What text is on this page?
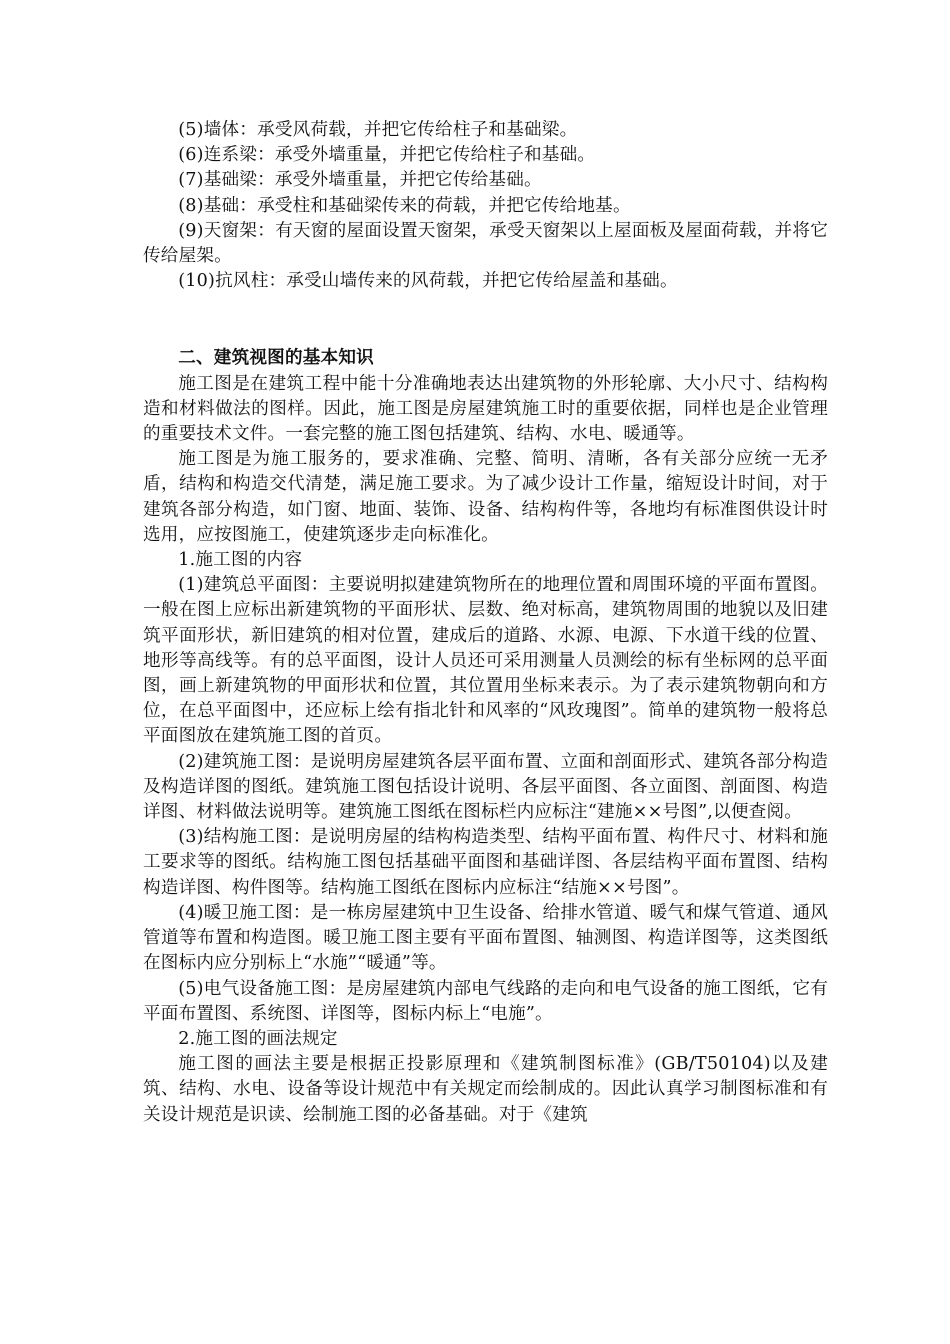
(5)墙体：承受风荷载，并把它传给柱子和基础梁。

(6)连系梁：承受外墙重量，并把它传给柱子和基础。

(7)基础梁：承受外墙重量，并把它传给基础。

(8)基础：承受柱和基础梁传来的荷载，并把它传给地基。

(9)天窗架：有天窗的屋面设置天窗架，承受天窗架以上屋面板及屋面荷载，并将它传给屋架。

(10)抗风柱：承受山墙传来的风荷载，并把它传给屋盖和基础。

二、建筑视图的基本知识

施工图是在建筑工程中能十分准确地表达出建筑物的外形轮廓、大小尺寸、结构构造和材料做法的图样。因此，施工图是房屋建筑施工时的重要依据，同样也是企业管理的重要技术文件。一套完整的施工图包括建筑、结构、水电、暖通等。

施工图是为施工服务的，要求准确、完整、简明、清晰，各有关部分应统一无矛盾，结构和构造交代清楚，满足施工要求。为了减少设计工作量，缩短设计时间，对于建筑各部分构造，如门窗、地面、装饰、设备、结构构件等，各地均有标准图供设计时选用，应按图施工，使建筑逐步走向标准化。

1.施工图的内容

(1)建筑总平面图：主要说明拟建建筑物所在的地理位置和周围环境的平面布置图。一般在图上应标出新建筑物的平面形状、层数、绝对标高，建筑物周围的地貌以及旧建筑平面形状，新旧建筑的相对位置，建成后的道路、水源、电源、下水道干线的位置、地形等高线等。有的总平面图，设计人员还可采用测量人员测绘的标有坐标网的总平面图，画上新建筑物的甲面形状和位置，其位置用坐标来表示。为了表示建筑物朝向和方位，在总平面图中，还应标上绘有指北针和风率的“风玫瑰图”。简单的建筑物一般将总平面图放在建筑施工图的首页。

(2)建筑施工图：是说明房屋建筑各层平面布置、立面和剖面形式、建筑各部分构造及构造详图的图纸。建筑施工图包括设计说明、各层平面图、各立面图、剖面图、构造详图、材料做法说明等。建筑施工图纸在图标栏内应标注“建施××号图”,以便查阅。

(3)结构施工图：是说明房屋的结构构造类型、结构平面布置、构件尺寸、材料和施工要求等的图纸。结构施工图包括基础平面图和基础详图、各层结构平面布置图、结构构造详图、构件图等。结构施工图纸在图标内应标注“结施××号图”。

(4)暖卫施工图：是一栋房屋建筑中卫生设备、给排水管道、暖气和煤气管道、通风管道等布置和构造图。暖卫施工图主要有平面布置图、轴测图、构造详图等，这类图纸在图标内应分别标上“水施”“暖通”等。

(5)电气设备施工图：是房屋建筑内部电气线路的走向和电气设备的施工图纸，它有平面布置图、系统图、详图等，图标内标上“电施”。

2.施工图的画法规定

施工图的画法主要是根据正投影原理和《建筑制图标准》(GB/T50104)以及建筑、结构、水电、设备等设计规范中有关规定而绘制成的。因此认真学习制图标准和有关设计规范是识读、绘制施工图的必备基础。对于《建筑
